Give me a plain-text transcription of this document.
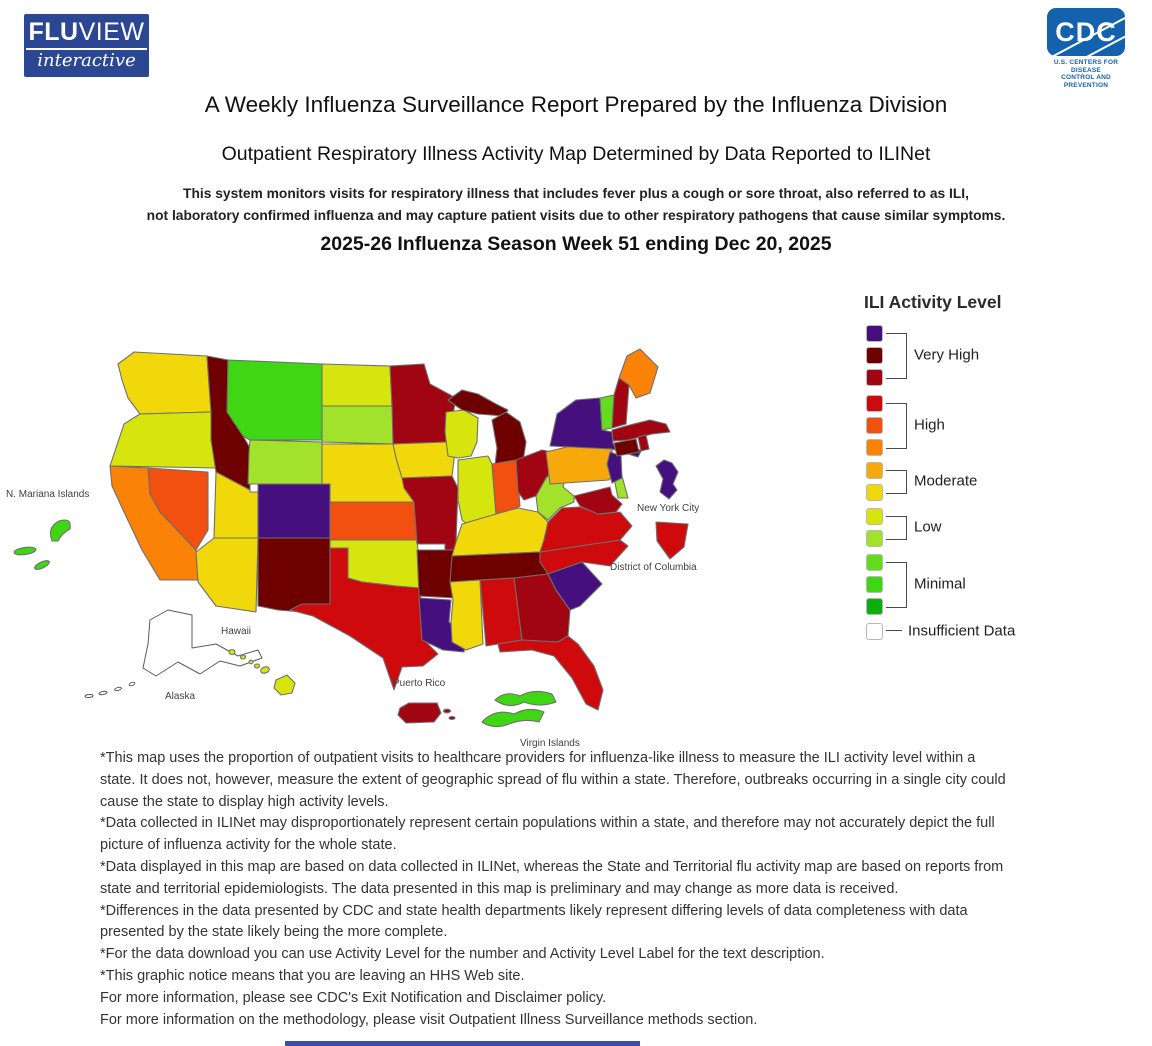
FLUVIEW
interactive
CDC
U.S. CENTERS FOR DISEASE
CONTROL AND PREVENTION
A Weekly Influenza Surveillance Report Prepared by the Influenza Division
Outpatient Respiratory Illness Activity Map Determined by Data Reported to ILINet
This system monitors visits for respiratory illness that includes fever plus a cough or sore throat, also referred to as ILI,
not laboratory confirmed influenza and may capture patient visits due to other respiratory pathogens that cause similar symptoms.
2025-26 Influenza Season Week 51 ending Dec 20, 2025
N. Mariana Islands
Hawaii
Alaska
Puerto Rico
Virgin Islands
New York City
District of Columbia
ILI Activity Level
Very High
High
Moderate
Low
Minimal
Insufficient Data
*This map uses the proportion of outpatient visits to healthcare providers for influenza-like illness to measure the ILI activity level within a state. It does not, however, measure the extent of geographic spread of flu within a state. Therefore, outbreaks occurring in a single city could cause the state to display high activity levels.
*Data collected in ILINet may disproportionately represent certain populations within a state, and therefore may not accurately depict the full picture of influenza activity for the whole state.
*Data displayed in this map are based on data collected in ILINet, whereas the State and Territorial flu activity map are based on reports from state and territorial epidemiologists. The data presented in this map is preliminary and may change as more data is received.
*Differences in the data presented by CDC and state health departments likely represent differing levels of data completeness with data presented by the state likely being the more complete.
*For the data download you can use Activity Level for the number and Activity Level Label for the text description.
*This graphic notice means that you are leaving an HHS Web site.
For more information, please see CDC's Exit Notification and Disclaimer policy.
For more information on the methodology, please visit Outpatient Illness Surveillance methods section.
